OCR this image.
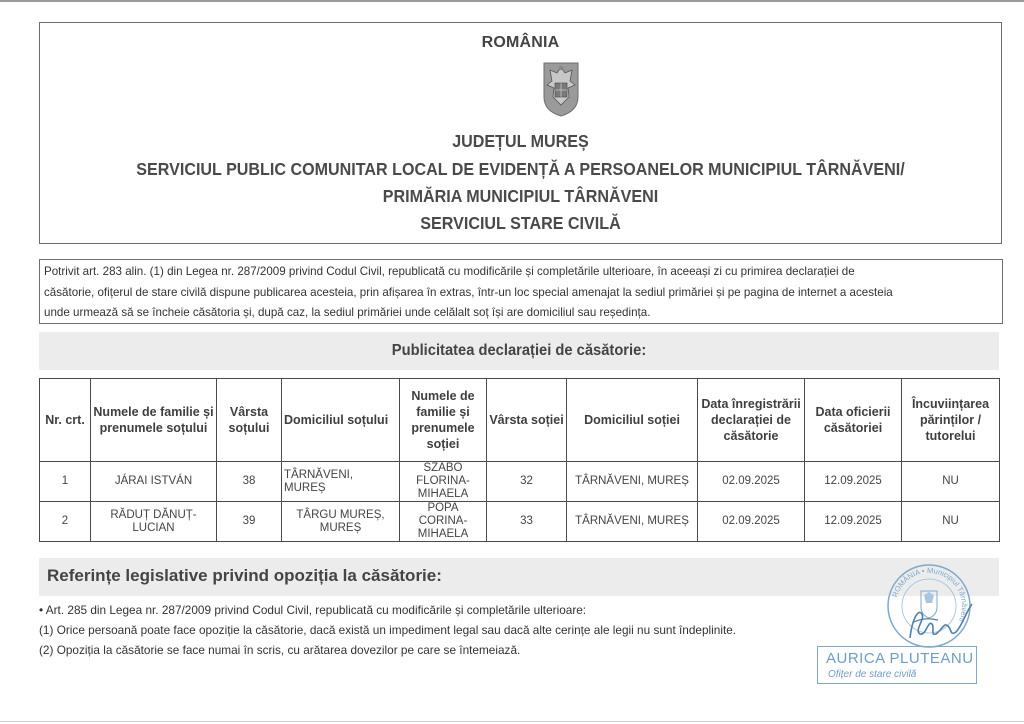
ROMÂNIA
JUDEȚUL MUREȘ
SERVICIUL PUBLIC COMUNITAR LOCAL DE EVIDENȚĂ A PERSOANELOR MUNICIPIUL TÂRNĂVENI/
PRIMĂRIA MUNICIPIUL TÂRNĂVENI
SERVICIUL STARE CIVILĂ
Potrivit art. 283 alin. (1) din Legea nr. 287/2009 privind Codul Civil, republicată cu modificările și completările ulterioare, în aceeași zi cu primirea declarației de
căsătorie, ofițerul de stare civilă dispune publicarea acesteia, prin afișarea în extras, într-un loc special amenajat la sediul primăriei și pe pagina de internet a acesteia
unde urmează să se încheie căsătoria și, după caz, la sediul primăriei unde celălalt soț își are domiciliul sau reședința.
Publicitatea declarației de căsătorie:
Nr. crt.	Numele de familie și prenumele soțului	Vârsta soțului	Domiciliul soțului	Numele de familie și prenumele soției	Vârsta soției	Domiciliul soției	Data înregistrării declarației de căsătorie	Data oficierii căsătoriei	Încuviințarea părinților / tutorelui
1	JÁRAI ISTVÁN	38	TÂRNĂVENI, MUREȘ	SZABO FLORINA-MIHAELA	32	TÂRNĂVENI, MUREȘ	02.09.2025	12.09.2025	NU
2	RĂDUȚ DĂNUȚ-LUCIAN	39	TÂRGU MUREȘ, MUREȘ	POPA CORINA-MIHAELA	33	TÂRNĂVENI, MUREȘ	02.09.2025	12.09.2025	NU
Referințe legislative privind opoziția la căsătorie:
• Art. 285 din Legea nr. 287/2009 privind Codul Civil, republicată cu modificările și completările ulterioare:
(1) Orice persoană poate face opoziție la căsătorie, dacă există un impediment legal sau dacă alte cerințe ale legii nu sunt îndeplinite.
(2) Opoziția la căsătorie se face numai în scris, cu arătarea dovezilor pe care se întemeiază.
ROMÂNIA • Municipiul Târnăveni
AURICA PLUTEANU
Ofițer de stare civilă
